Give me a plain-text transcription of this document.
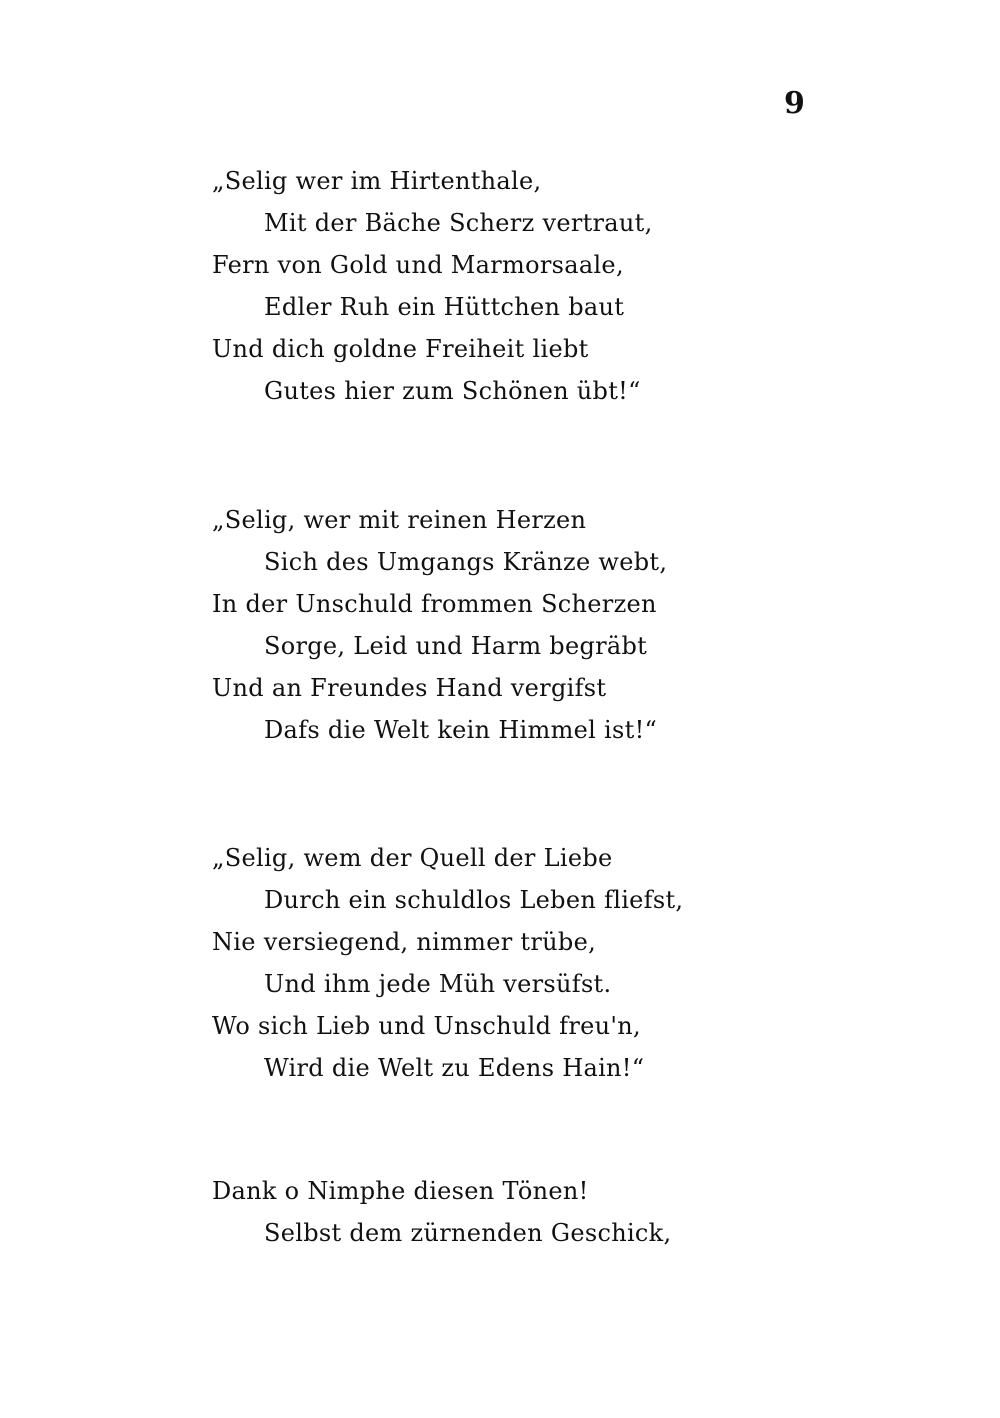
9
„Selig wer im Hirtenthale,
Mit der Bäche Scherz vertraut,
Fern von Gold und Marmorsaale,
Edler Ruh ein Hüttchen baut
Und dich goldne Freiheit liebt
Gutes hier zum Schönen übt!“
„Selig, wer mit reinen Herzen
Sich des Umgangs Kränze webt,
In der Unschuld frommen Scherzen
Sorge, Leid und Harm begräbt
Und an Freundes Hand vergifst
Dafs die Welt kein Himmel ist!“
„Selig, wem der Quell der Liebe
Durch ein schuldlos Leben fliefst,
Nie versiegend, nimmer trübe,
Und ihm jede Müh versüfst.
Wo sich Lieb und Unschuld freu'n,
Wird die Welt zu Edens Hain!“
Dank o Nimphe diesen Tönen!
Selbst dem zürnenden Geschick,
